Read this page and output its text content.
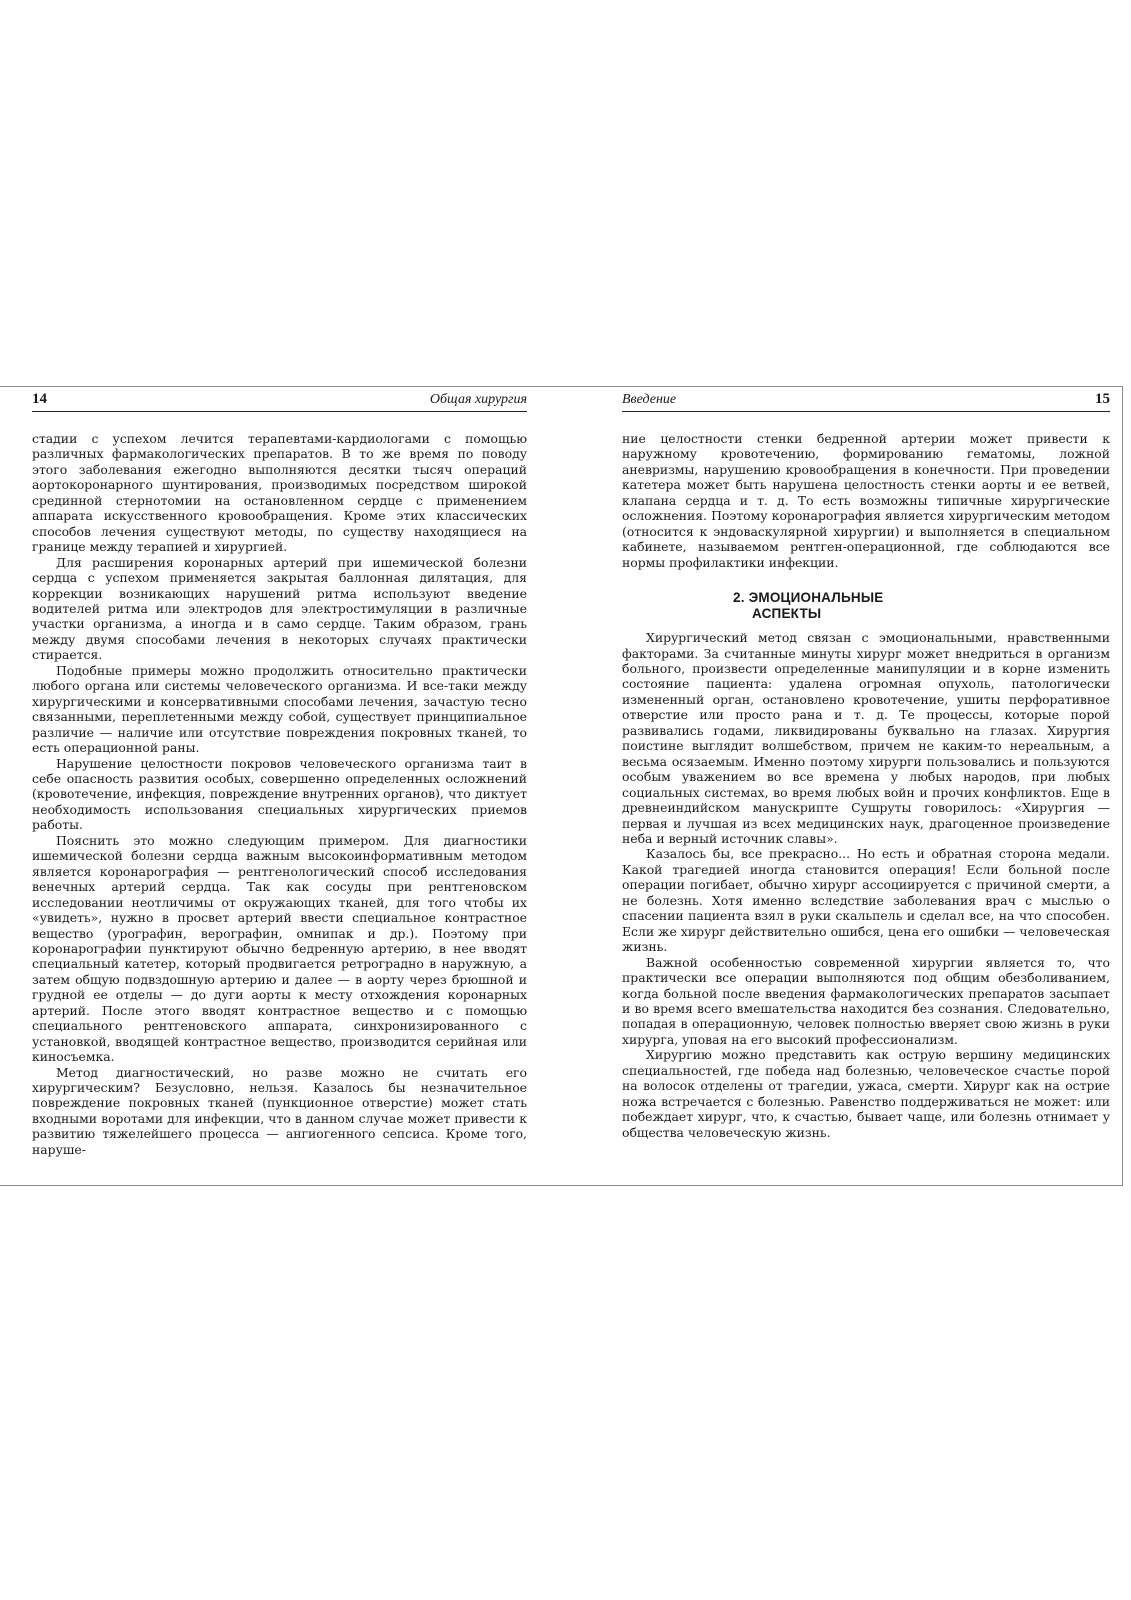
14	Общая хирургия

стадии с успехом лечится терапевтами-кардиологами с помощью различных фармакологических препаратов. В то же время по поводу этого заболевания ежегодно выполняются десятки тысяч операций аортокоронарного шунтирования, производимых посредством широкой срединной стернотомии на остановленном сердце с применением аппарата искусственного кровообращения. Кроме этих классических способов лечения существуют методы, по существу находящиеся на границе между терапией и хирургией.

Для расширения коронарных артерий при ишемической болезни сердца с успехом применяется закрытая баллонная дилятация, для коррекции возникающих нарушений ритма используют введение водителей ритма или электродов для электростимуляции в различные участки организма, а иногда и в само сердце. Таким образом, грань между двумя способами лечения в некоторых случаях практически стирается.

Подобные примеры можно продолжить относительно практически любого органа или системы человеческого организма. И все-таки между хирургическими и консервативными способами лечения, зачастую тесно связанными, переплетенными между собой, существует принципиальное различие — наличие или отсутствие повреждения покровных тканей, то есть операционной раны.

Нарушение целостности покровов человеческого организма таит в себе опасность развития особых, совершенно определенных осложнений (кровотечение, инфекция, повреждение внутренних органов), что диктует необходимость использования специальных хирургических приемов работы.

Пояснить это можно следующим примером. Для диагностики ишемической болезни сердца важным высокоинформативным методом является коронарография — рентгенологический способ исследования венечных артерий сердца. Так как сосуды при рентгеновском исследовании неотличимы от окружающих тканей, для того чтобы их «увидеть», нужно в просвет артерий ввести специальное контрастное вещество (урографин, верографин, омнипак и др.). Поэтому при коронарографии пунктируют обычно бедренную артерию, в нее вводят специальный катетер, который продвигается ретроградно в наружную, а затем общую подвздошную артерию и далее — в аорту через брюшной и грудной ее отделы — до дуги аорты к месту отхождения коронарных артерий. После этого вводят контрастное вещество и с помощью специального рентгеновского аппарата, синхронизированного с установкой, вводящей контрастное вещество, производится серийная или киносъемка.

Метод диагностический, но разве можно не считать его хирургическим? Безусловно, нельзя. Казалось бы незначительное повреждение покровных тканей (пункционное отверстие) может стать входными воротами для инфекции, что в данном случае может привести к развитию тяжелейшего процесса — ангиогенного сепсиса. Кроме того, наруше-

Введение	15

ние целостности стенки бедренной артерии может привести к наружному кровотечению, формированию гематомы, ложной аневризмы, нарушению кровообращения в конечности. При проведении катетера может быть нарушена целостность стенки аорты и ее ветвей, клапана сердца и т. д. То есть возможны типичные хирургические осложнения. Поэтому коронарография является хирургическим методом (относится к эндоваскулярной хирургии) и выполняется в специальном кабинете, называемом рентген-операционной, где соблюдаются все нормы профилактики инфекции.

2. ЭМОЦИОНАЛЬНЫЕ
АСПЕКТЫ

Хирургический метод связан с эмоциональными, нравственными факторами. За считанные минуты хирург может внедриться в организм больного, произвести определенные манипуляции и в корне изменить состояние пациента: удалена огромная опухоль, патологически измененный орган, остановлено кровотечение, ушиты перфоративное отверстие или просто рана и т. д. Те процессы, которые порой развивались годами, ликвидированы буквально на глазах. Хирургия поистине выглядит волшебством, причем не каким-то нереальным, а весьма осязаемым. Именно поэтому хирурги пользовались и пользуются особым уважением во все времена у любых народов, при любых социальных системах, во время любых войн и прочих конфликтов. Еще в древнеиндийском манускрипте Сушруты говорилось: «Хирургия — первая и лучшая из всех медицинских наук, драгоценное произведение неба и верный источник славы».

Казалось бы, все прекрасно... Но есть и обратная сторона медали. Какой трагедией иногда становится операция! Если больной после операции погибает, обычно хирург ассоциируется с причиной смерти, а не болезнь. Хотя именно вследствие заболевания врач с мыслью о спасении пациента взял в руки скальпель и сделал все, на что способен. Если же хирург действительно ошибся, цена его ошибки — человеческая жизнь.

Важной особенностью современной хирургии является то, что практически все операции выполняются под общим обезболиванием, когда больной после введения фармакологических препаратов засыпает и во время всего вмешательства находится без сознания. Следовательно, попадая в операционную, человек полностью вверяет свою жизнь в руки хирурга, уповая на его высокий профессионализм.

Хирургию можно представить как острую вершину медицинских специальностей, где победа над болезнью, человеческое счастье порой на волосок отделены от трагедии, ужаса, смерти. Хирург как на острие ножа встречается с болезнью. Равенство поддерживаться не может: или побеждает хирург, что, к счастью, бывает чаще, или болезнь отнимает у общества человеческую жизнь.
